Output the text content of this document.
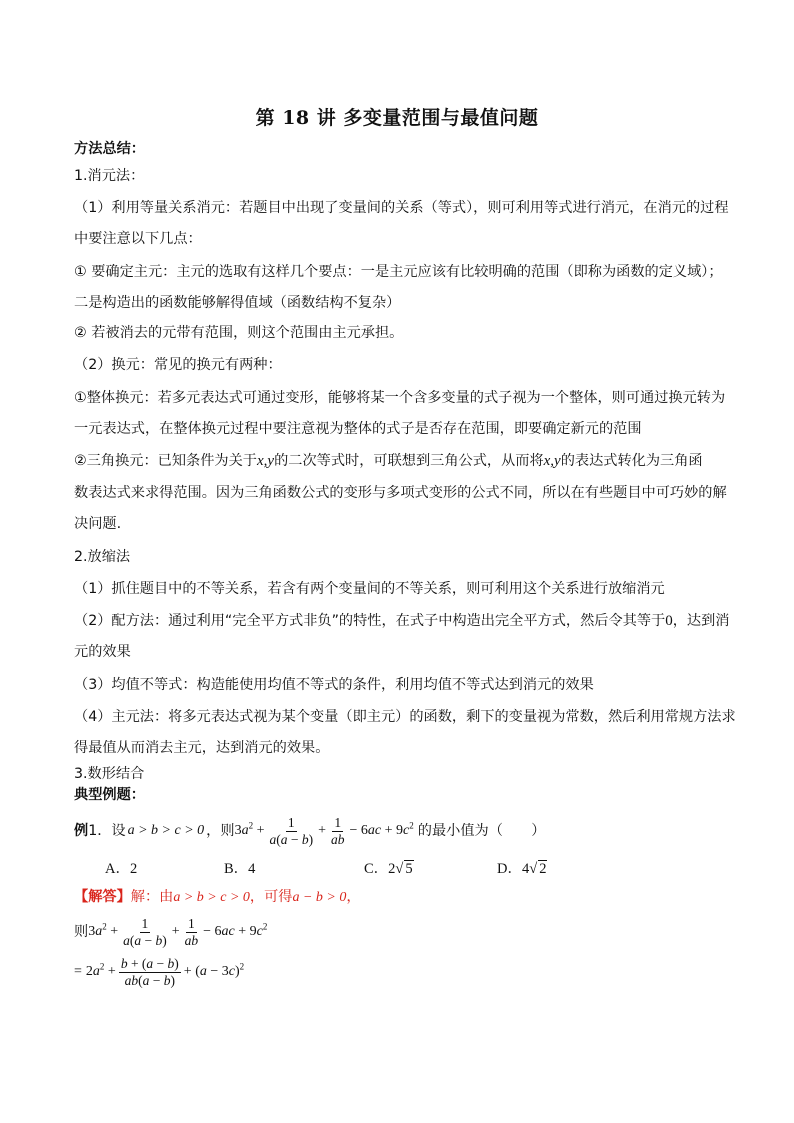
第 18 讲 多变量范围与最值问题
方法总结：
1.消元法：
（1）利用等量关系消元：若题目中出现了变量间的关系（等式），则可利用等式进行消元，在消元的过程
中要注意以下几点：
① 要确定主元：主元的选取有这样几个要点：一是主元应该有比较明确的范围（即称为函数的定义域）；
二是构造出的函数能够解得值域（函数结构不复杂）
② 若被消去的元带有范围，则这个范围由主元承担。
（2）换元：常见的换元有两种：
①整体换元：若多元表达式可通过变形，能够将某一个含多变量的式子视为一个整体，则可通过换元转为
一元表达式，在整体换元过程中要注意视为整体的式子是否存在范围，即要确定新元的范围
②三角换元：已知条件为关于x,y的二次等式时，可联想到三角公式，从而将x,y的表达式转化为三角函
数表达式来求得范围。因为三角函数公式的变形与多项式变形的公式不同，所以在有些题目中可巧妙的解
决问题.
2.放缩法
（1）抓住题目中的不等关系，若含有两个变量间的不等关系，则可利用这个关系进行放缩消元
（2）配方法：通过利用“完全平方式非负”的特性，在式子中构造出完全平方式，然后令其等于0，达到消
元的效果
（3）均值不等式：构造能使用均值不等式的条件，利用均值不等式达到消元的效果
（4）主元法：将多元表达式视为某个变量（即主元）的函数，剩下的变量视为常数，然后利用常规方法求
得最值从而消去主元，达到消元的效果。
3.数形结合
典型例题：
例 1．设 a > b > c > 0 ，则 $3a^2 + \frac{1}{a(a - b)} + \frac{1}{ab} - 6ac + 9c^2$ 的最小值为（　　）
A．2	B．4	C．2√ 5	D．4√ 2
【解答】解：由a > b > c > 0，可得a − b > 0，
则 $3a^2 + \frac{1}{a(a - b)} + \frac{1}{ab} - 6ac + 9c^2$
= $2a^2 + \frac{b + (a - b)}{ab(a - b)} + (a - 3c)^2$
